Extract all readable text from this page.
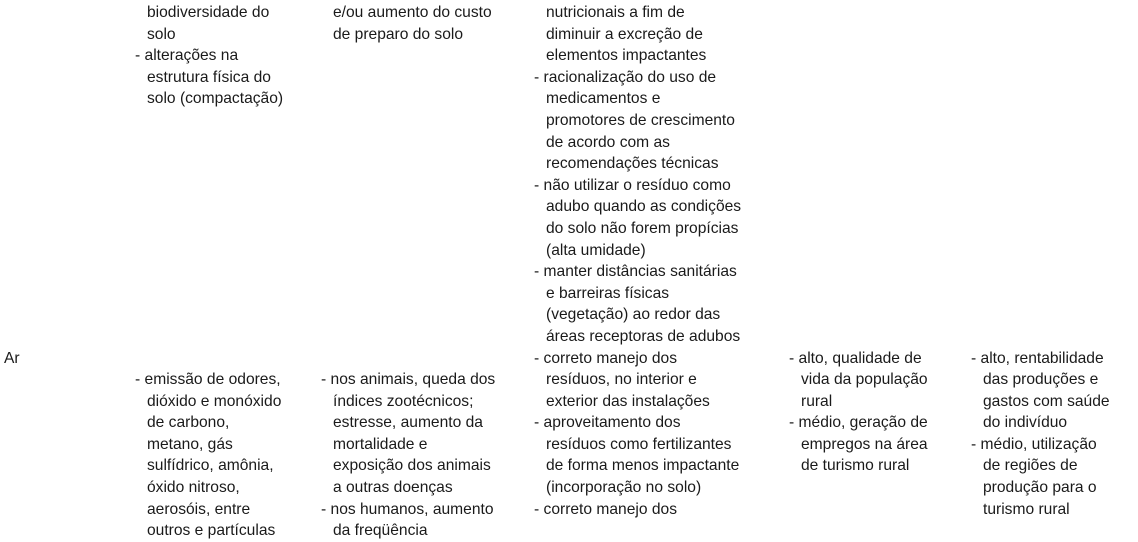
Ar
biodiversidade do
solo
- alterações na
estrutura física do
solo (compactação)
- emissão de odores,
dióxido e monóxido
de carbono,
metano, gás
sulfídrico, amônia,
óxido nitroso,
aerosóis, entre
outros e partículas
e/ou aumento do custo
de preparo do solo
- nos animais, queda dos
índices zootécnicos;
estresse, aumento da
mortalidade e
exposição dos animais
a outras doenças
- nos humanos, aumento
da freqüência
nutricionais a fim de
diminuir a excreção de
elementos impactantes
- racionalização do uso de
medicamentos e
promotores de crescimento
de acordo com as
recomendações técnicas
- não utilizar o resíduo como
adubo quando as condições
do solo não forem propícias
(alta umidade)
- manter distâncias sanitárias
e barreiras físicas
(vegetação) ao redor das
áreas receptoras de adubos
- correto manejo dos
resíduos, no interior e
exterior das instalações
- aproveitamento dos
resíduos como fertilizantes
de forma menos impactante
(incorporação no solo)
- correto manejo dos
- alto, qualidade de
vida da população
rural
- médio, geração de
empregos na área
de turismo rural
- alto, rentabilidade
das produções e
gastos com saúde
do indivíduo
- médio, utilização
de regiões de
produção para o
turismo rural
